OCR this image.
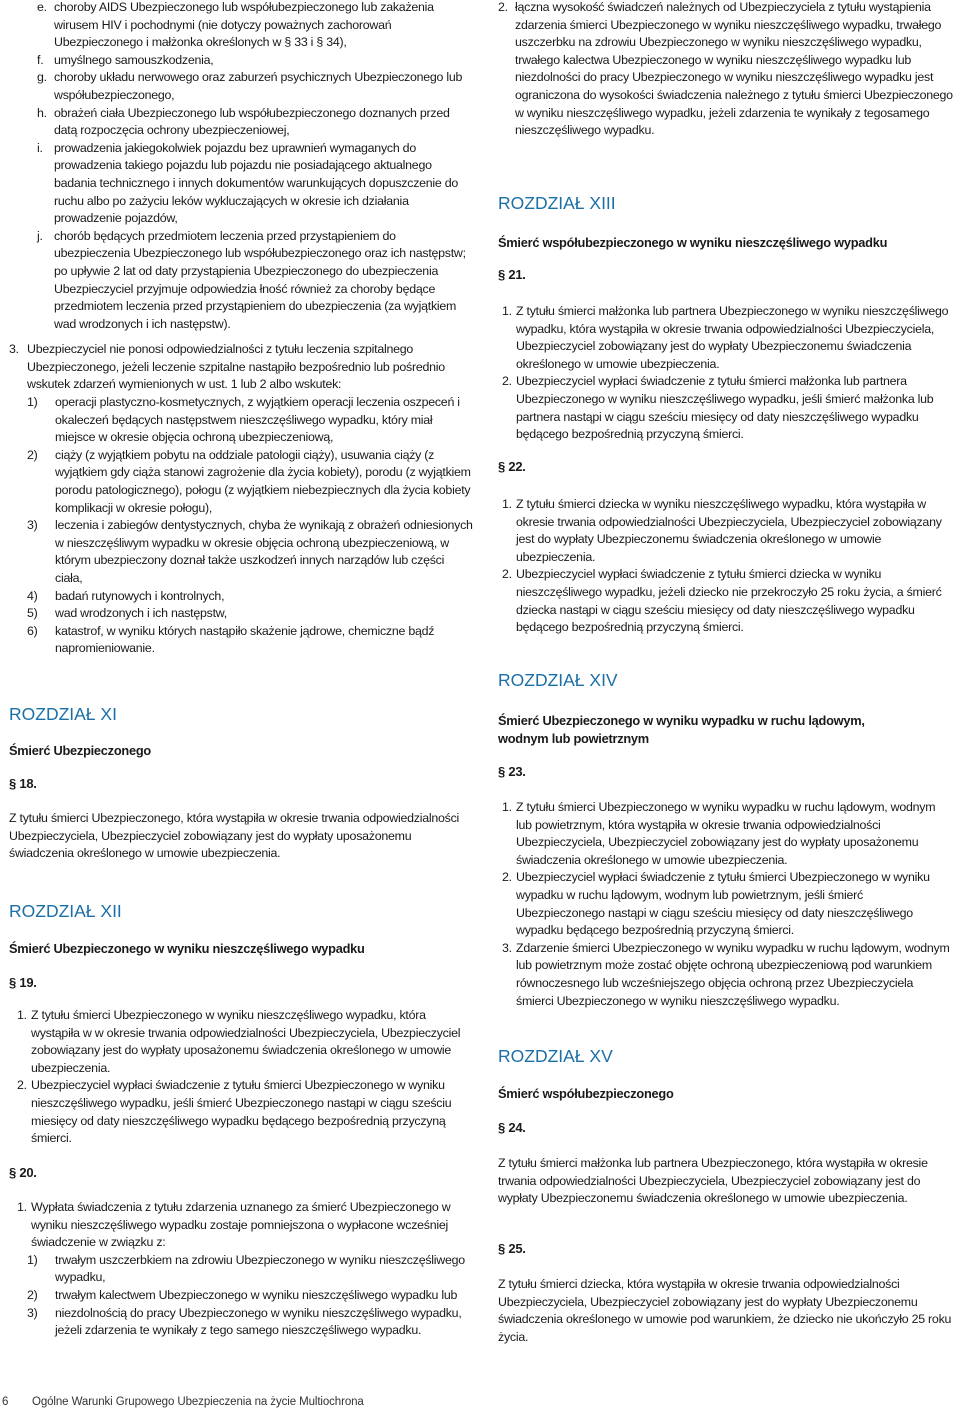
e. choroby AIDS Ubezpieczonego lub współubezpieczonego lub zakażenia wirusem HIV i pochodnymi (nie dotyczy poważnych zachorowań Ubezpieczonego i małżonka określonych w § 33 i § 34),

f. umyślnego samouszkodzenia,

g. choroby układu nerwowego oraz zaburzeń psychicznych Ubezpieczonego lub współubezpieczonego,

h. obrażeń ciała Ubezpieczonego lub współubezpieczonego doznanych przed datą rozpoczęcia ochrony ubezpieczeniowej,

i. prowadzenia jakiegokolwiek pojazdu bez uprawnień wymaganych do prowadzenia takiego pojazdu lub pojazdu nie posiadającego aktualnego badania technicznego i innych dokumentów warunkujących dopuszczenie do ruchu albo po zażyciu leków wykluczających w okresie ich działania prowadzenie pojazdów,

j. chorób będących przedmiotem leczenia przed przystąpieniem do ubezpieczenia Ubezpieczonego lub współubezpieczonego oraz ich następstw; po upływie 2 lat od daty przystąpienia Ubezpieczonego do ubezpieczenia Ubezpieczyciel przyjmuje odpowiedzia łność również za choroby będące przedmiotem leczenia przed przystąpieniem do ubezpieczenia (za wyjątkiem wad wrodzonych i ich następstw).

3. Ubezpieczyciel nie ponosi odpowiedzialności z tytułu leczenia szpitalnego Ubezpieczonego, jeżeli leczenie szpitalne nastąpiło bezpośrednio lub pośrednio wskutek zdarzeń wymienionych w ust. 1 lub 2 albo wskutek:

1) operacji plastyczno-kosmetycznych, z wyjątkiem operacji leczenia oszpeceń i okaleczeń będących następstwem nieszczęśliwego wypadku, który miał miejsce w okresie objęcia ochroną ubezpieczeniową,

2) ciąży (z wyjątkiem pobytu na oddziale patologii ciąży), usuwania ciąży (z wyjątkiem gdy ciąża stanowi zagrożenie dla życia kobiety), porodu (z wyjątkiem porodu patologicznego), połogu (z wyjątkiem niebezpiecznych dla życia kobiety komplikacji w okresie połogu),

3) leczenia i zabiegów dentystycznych, chyba że wynikają z obrażeń odniesionych w nieszczęśliwym wypadku w okresie objęcia ochroną ubezpieczeniową, w którym ubezpieczony doznał także uszkodzeń innych narządów lub części ciała,

4) badań rutynowych i kontrolnych,

5) wad wrodzonych i ich następstw,

6) katastrof, w wyniku których nastąpiło skażenie jądrowe, chemiczne bądź napromieniowanie.

ROZDZIAŁ XI
Śmierć Ubezpieczonego

§ 18.

Z tytułu śmierci Ubezpieczonego, która wystąpiła w okresie trwania odpowiedzialności Ubezpieczyciela, Ubezpieczyciel zobowiązany jest do wypłaty uposażonemu świadczenia określonego w umowie ubezpieczenia.

ROZDZIAŁ XII
Śmierć Ubezpieczonego w wyniku nieszczęśliwego wypadku

§ 19.

1. Z tytułu śmierci Ubezpieczonego w wyniku nieszczęśliwego wypadku, która wystąpiła w w okresie trwania odpowiedzialności Ubezpieczyciela, Ubezpieczyciel zobowiązany jest do wypłaty uposażonemu świadczenia określonego w umowie ubezpieczenia.

2. Ubezpieczyciel wypłaci świadczenie z tytułu śmierci Ubezpieczonego w wyniku nieszczęśliwego wypadku, jeśli śmierć Ubezpieczonego nastąpi w ciągu sześciu miesięcy od daty nieszczęśliwego wypadku będącego bezpośrednią przyczyną śmierci.

§ 20.

1. Wypłata świadczenia z tytułu zdarzenia uznanego za śmierć Ubezpieczonego w wyniku nieszczęśliwego wypadku zostaje pomniejszona o wypłacone wcześniej świadczenie w związku z:

1) trwałym uszczerbkiem na zdrowiu Ubezpieczonego w wyniku nieszczęśliwego wypadku,

2) trwałym kalectwem Ubezpieczonego w wyniku nieszczęśliwego wypadku lub

3) niezdolnością do pracy Ubezpieczonego w wyniku nieszczęśliwego wypadku, jeżeli zdarzenia te wynikały z tego samego nieszczęśliwego wypadku.

2. łączna wysokość świadczeń należnych od Ubezpieczyciela z tytułu wystąpienia zdarzenia śmierci Ubezpieczonego w wyniku nieszczęśliwego wypadku, trwałego uszczerbku na zdrowiu Ubezpieczonego w wyniku nieszczęśliwego wypadku, trwałego kalectwa Ubezpieczonego w wyniku nieszczęśliwego wypadku lub niezdolności do pracy Ubezpieczonego w wyniku nieszczęśliwego wypadku jest ograniczona do wysokości świadczenia należnego z tytułu śmierci Ubezpieczonego w wyniku nieszczęśliwego wypadku, jeżeli zdarzenia te wynikały z tegosamego nieszczęśliwego wypadku.

ROZDZIAŁ XIII
Śmierć współubezpieczonego w wyniku nieszczęśliwego wypadku

§ 21.

1. Z tytułu śmierci małżonka lub partnera Ubezpieczonego w wyniku nieszczęśliwego wypadku, która wystąpiła w okresie trwania odpowiedzialności Ubezpieczyciela, Ubezpieczyciel zobowiązany jest do wypłaty Ubezpieczonemu świadczenia określonego w umowie ubezpieczenia.

2. Ubezpieczyciel wypłaci świadczenie z tytułu śmierci małżonka lub partnera Ubezpieczonego w wyniku nieszczęśliwego wypadku, jeśli śmierć małżonka lub partnera nastąpi w ciągu sześciu miesięcy od daty nieszczęśliwego wypadku będącego bezpośrednią przyczyną śmierci.

§ 22.

1. Z tytułu śmierci dziecka w wyniku nieszczęśliwego wypadku, która wystąpiła w okresie trwania odpowiedzialności Ubezpieczyciela, Ubezpieczyciel zobowiązany jest do wypłaty Ubezpieczonemu świadczenia określonego w umowie ubezpieczenia.

2. Ubezpieczyciel wypłaci świadczenie z tytułu śmierci dziecka w wyniku nieszczęśliwego wypadku, jeżeli dziecko nie przekroczyło 25 roku życia, a śmierć dziecka nastąpi w ciągu sześciu miesięcy od daty nieszczęśliwego wypadku będącego bezpośrednią przyczyną śmierci.

ROZDZIAŁ XIV
Śmierć Ubezpieczonego w wyniku wypadku w ruchu lądowym, wodnym lub powietrznym

§ 23.

1. Z tytułu śmierci Ubezpieczonego w wyniku wypadku w ruchu lądowym, wodnym lub powietrznym, która wystąpiła w okresie trwania odpowiedzialności Ubezpieczyciela, Ubezpieczyciel zobowiązany jest do wypłaty uposażonemu świadczenia określonego w umowie ubezpieczenia.

2. Ubezpieczyciel wypłaci świadczenie z tytułu śmierci Ubezpieczonego w wyniku wypadku w ruchu lądowym, wodnym lub powietrznym, jeśli śmierć Ubezpieczonego nastąpi w ciągu sześciu miesięcy od daty nieszczęśliwego wypadku będącego bezpośrednią przyczyną śmierci.

3. Zdarzenie śmierci Ubezpieczonego w wyniku wypadku w ruchu lądowym, wodnym lub powietrznym może zostać objęte ochroną ubezpieczeniową pod warunkiem równoczesnego lub wcześniejszego objęcia ochroną przez Ubezpieczyciela śmierci Ubezpieczonego w wyniku nieszczęśliwego wypadku.

ROZDZIAŁ XV
Śmierć współubezpieczonego

§ 24.

Z tytułu śmierci małżonka lub partnera Ubezpieczonego, która wystąpiła w okresie trwania odpowiedzialności Ubezpieczyciela, Ubezpieczyciel zobowiązany jest do wypłaty Ubezpieczonemu świadczenia określonego w umowie ubezpieczenia.

§ 25.

Z tytułu śmierci dziecka, która wystąpiła w okresie trwania odpowiedzialności Ubezpieczyciela, Ubezpieczyciel zobowiązany jest do wypłaty Ubezpieczonemu świadczenia określonego w umowie pod warunkiem, że dziecko nie ukończyło 25 roku życia.

6 Ogólne Warunki Grupowego Ubezpieczenia na życie Multiochrona
